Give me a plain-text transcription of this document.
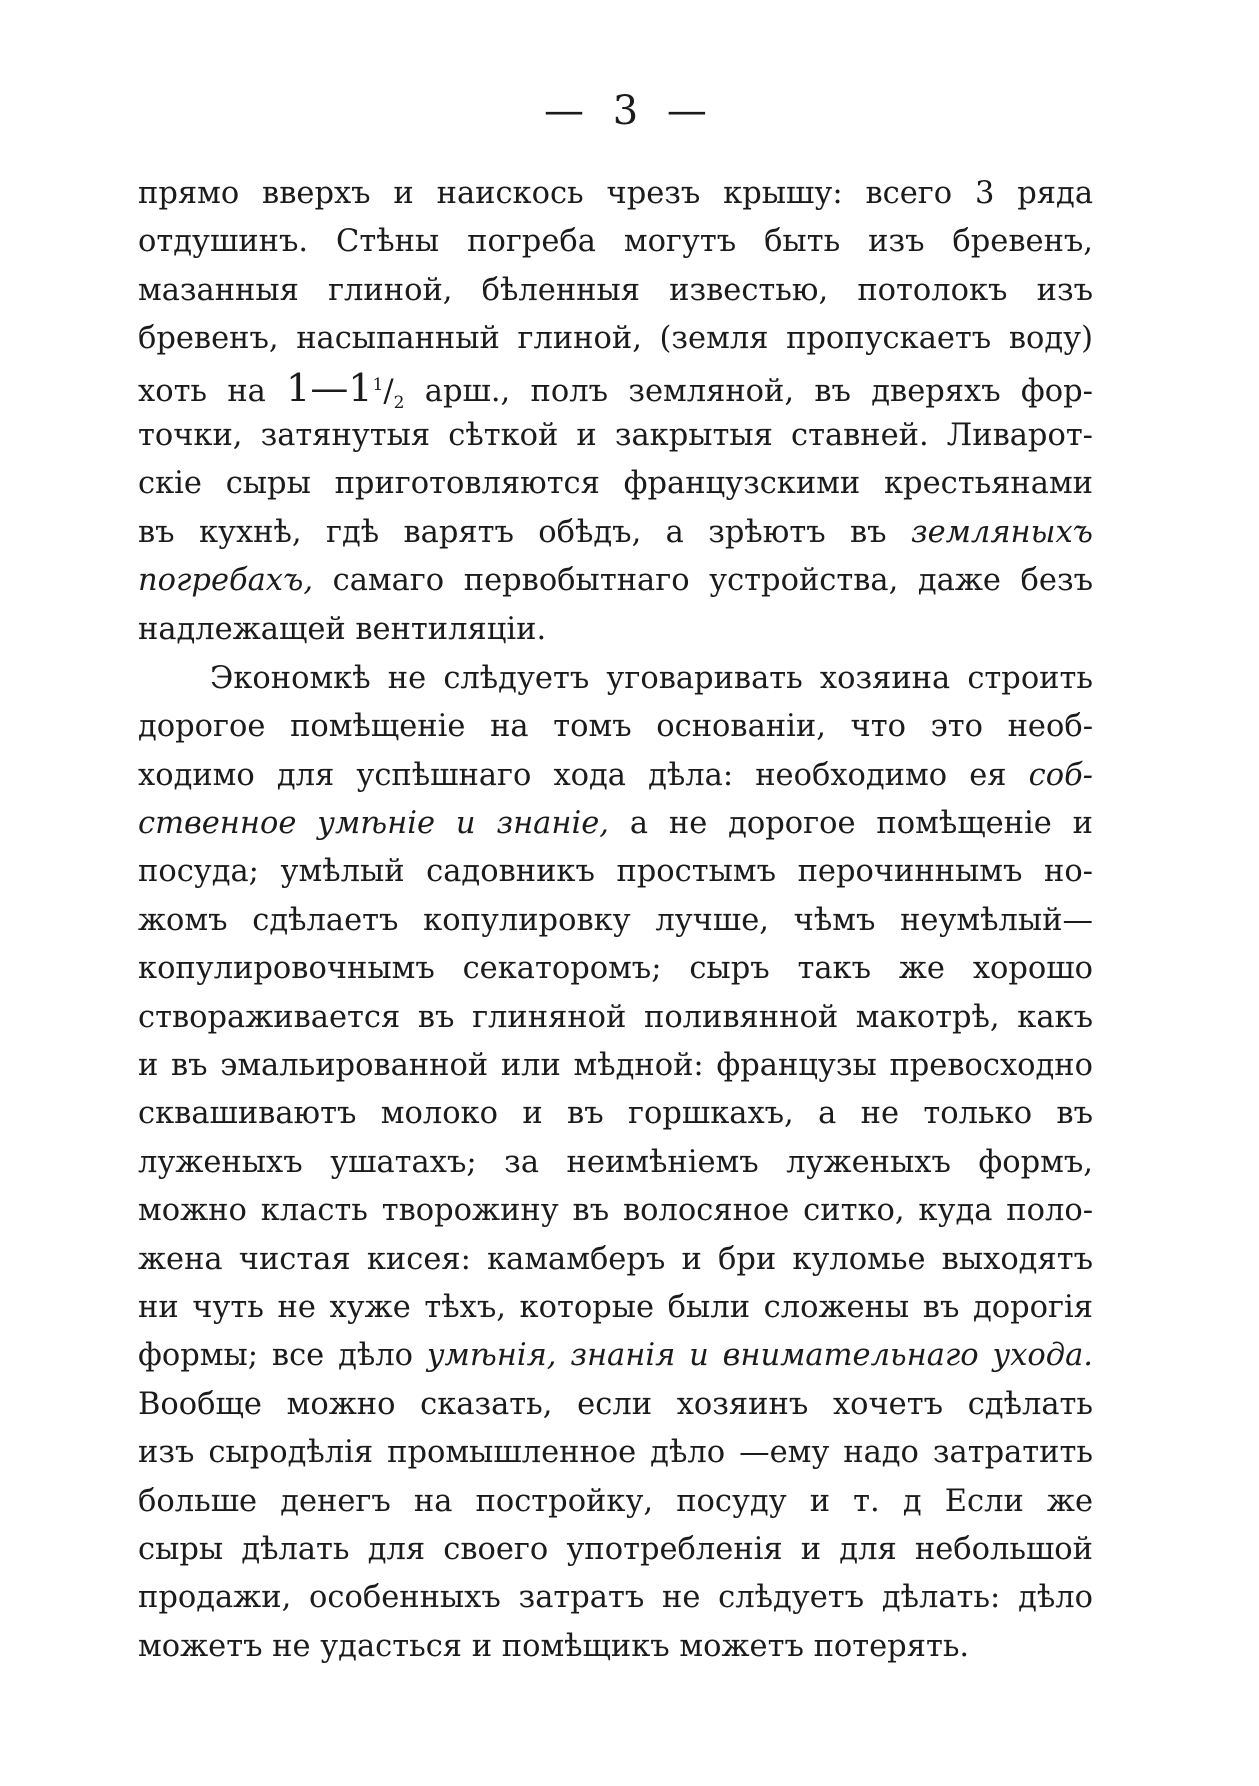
— 3 —
прямо вверхъ и наискось чрезъ крышу: всего 3 ряда
отдушинъ. Стѣны погреба могутъ быть изъ бревенъ,
мазанныя глиной, бѣленныя известью, потолокъ изъ
бревенъ, насыпанный глиной, (земля пропускаетъ воду)
хоть на $1—1^1/_2$ арш., полъ земляной, въ дверяхъ фор-
точки, затянутыя сѣткой и закрытыя ставней. Ливарот-
скіе сыры приготовляются французскими крестьянами
въ кухнѣ, гдѣ варятъ обѣдъ, а зрѣютъ въ земляныхъ
погребахъ, самаго первобытнаго устройства, даже безъ
надлежащей вентиляціи.
Экономкѣ не слѣдуетъ уговаривать хозяина строить
дорогое помѣщеніе на томъ основаніи, что это необ-
ходимо для успѣшнаго хода дѣла: необходимо ея соб-
ственное умѣніе и знаніе, а не дорогое помѣщеніе и
посуда; умѣлый садовникъ простымъ перочиннымъ но-
жомъ сдѣлаетъ копулировку лучше, чѣмъ неумѣлый—
копулировочнымъ секаторомъ; сыръ такъ же хорошо
створаживается въ глиняной поливянной макотрѣ, какъ
и въ эмальированной или мѣдной: французы превосходно
сквашиваютъ молоко и въ горшкахъ, а не только въ
луженыхъ ушатахъ; за неимѣніемъ луженыхъ формъ,
можно класть творожину въ волосяное ситко, куда поло-
жена чистая кисея: камамберъ и бри куломье выходятъ
ни чуть не хуже тѣхъ, которые были сложены въ дорогія
формы; все дѣло умѣнія, знанія и внимательнаго ухода.
Вообще можно сказать, если хозяинъ хочетъ сдѣлать
изъ сыродѣлія промышленное дѣло —ему надо затратить
больше денегъ на постройку, посуду и т. д Если же
сыры дѣлать для своего употребленія и для небольшой
продажи, особенныхъ затратъ не слѣдуетъ дѣлать: дѣло
можетъ не удасться и помѣщикъ можетъ потерять.
